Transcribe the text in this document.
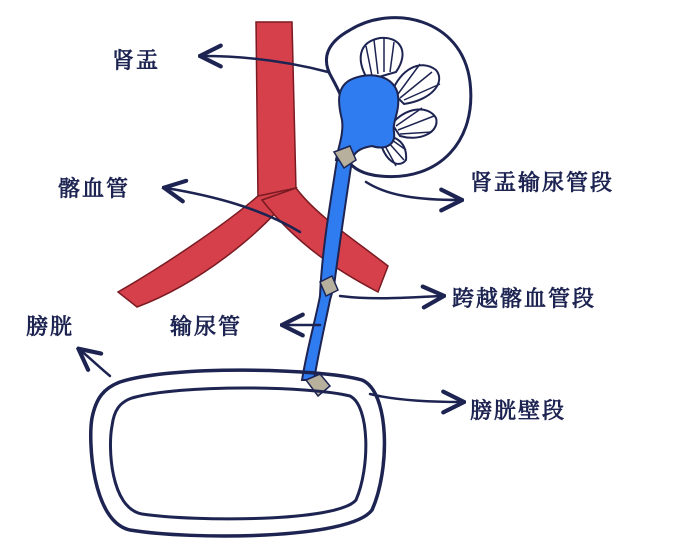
肾盂
髂血管
膀胱	输尿管
肾盂输尿管段
跨越髂血管段
膀胱壁段
